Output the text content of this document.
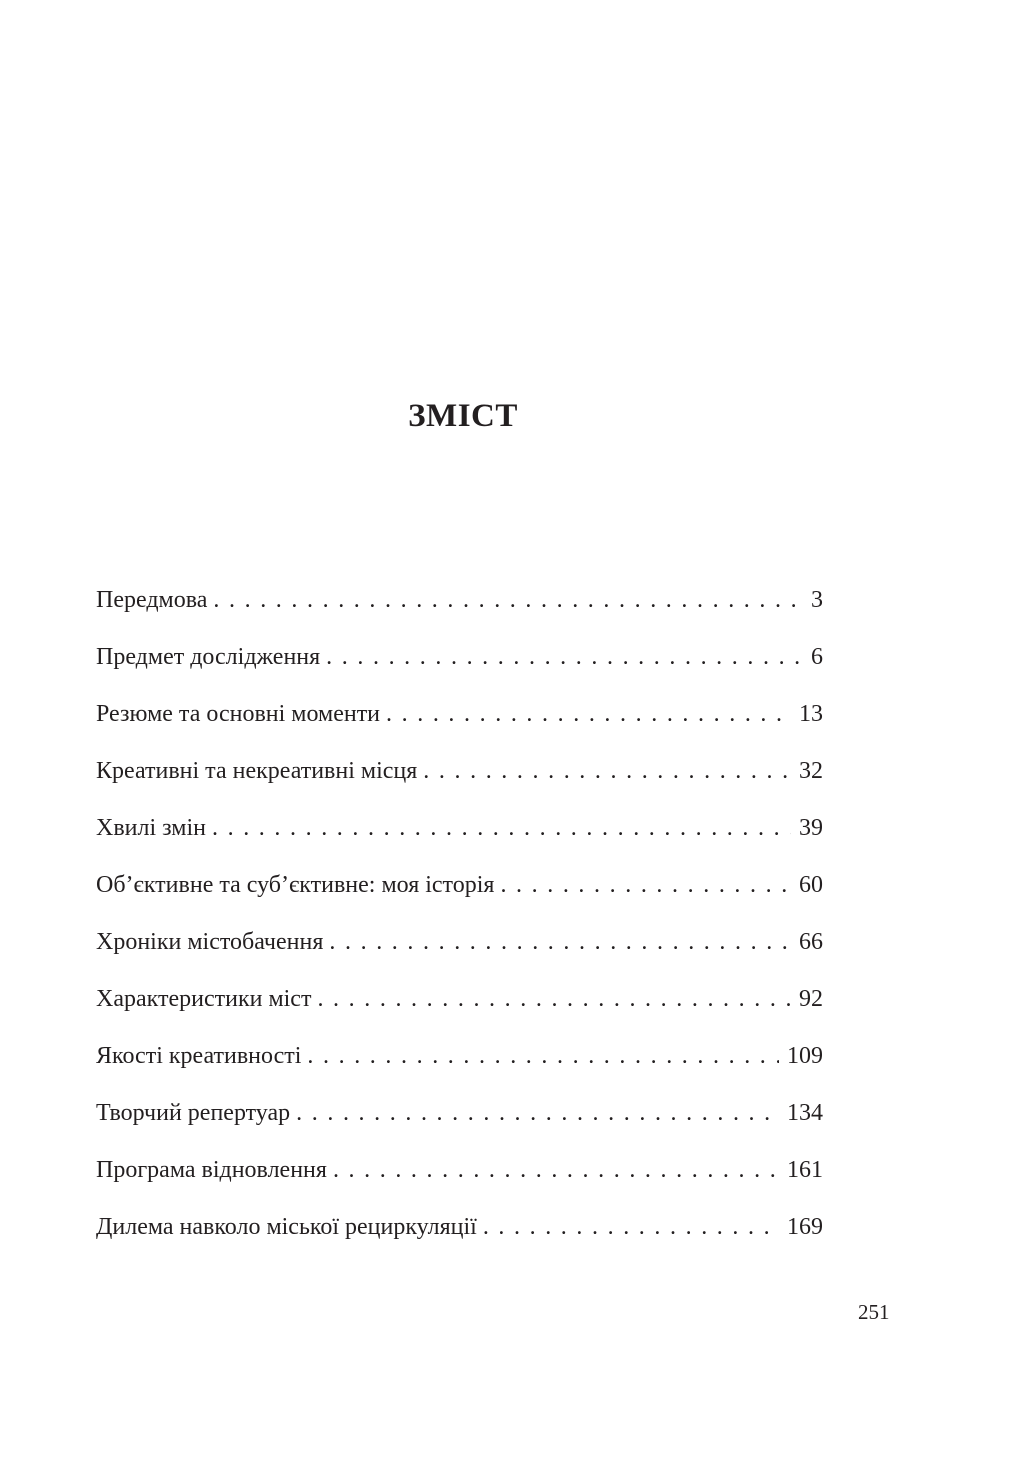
ЗМІСТ
Передмова . . .	3
Предмет дослідження . . .	6
Резюме та основні моменти . . .	13
Креативні та некреативні місця . . .	32
Хвилі змін . . .	39
Об’єктивне та суб’єктивне: моя історія . . .	60
Хроніки містобачення . . .	66
Характеристики міст . . .	92
Якості креативності . . .	109
Творчий репертуар . . .	134
Програма відновлення . . .	161
Дилема навколо міської рециркуляції . . .	169

251
